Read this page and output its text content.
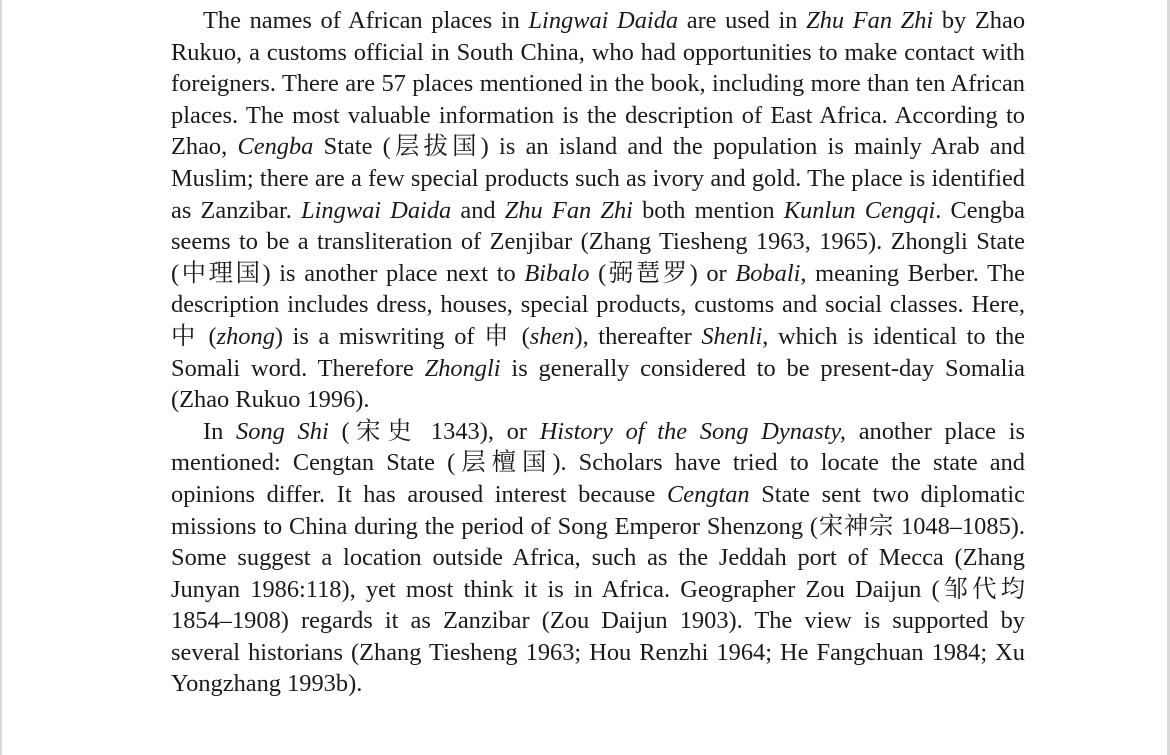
The names of African places in Lingwai Daida are used in Zhu Fan Zhi by Zhao Rukuo, a customs official in South China, who had opportunities to make contact with foreigners. There are 57 places mentioned in the book, including more than ten African places. The most valuable information is the description of East Africa. According to Zhao, Cengba State (层拔国) is an island and the population is mainly Arab and Muslim; there are a few special products such as ivory and gold. The place is identified as Zanzibar. Lingwai Daida and Zhu Fan Zhi both mention Kunlun Cengqi. Cengba seems to be a transliteration of Zenjibar (Zhang Tiesheng 1963, 1965). Zhongli State (中理国) is another place next to Bibalo (弼琶罗) or Bobali, meaning Berber. The description includes dress, houses, special products, customs and social classes. Here, 中 (zhong) is a miswriting of 申 (shen), thereafter Shenli, which is identical to the Somali word. Therefore Zhongli is generally considered to be present-day Somalia (Zhao Rukuo 1996).

In Song Shi (宋史 1343), or History of the Song Dynasty, another place is mentioned: Cengtan State (层檀国). Scholars have tried to locate the state and opinions differ. It has aroused interest because Cengtan State sent two diplomatic missions to China during the period of Song Emperor Shenzong (宋神宗 1048–1085). Some suggest a location outside Africa, such as the Jeddah port of Mecca (Zhang Junyan 1986:118), yet most think it is in Africa. Geographer Zou Daijun (邹代均 1854–1908) regards it as Zanzibar (Zou Daijun 1903). The view is supported by several historians (Zhang Tiesheng 1963; Hou Renzhi 1964; He Fangchuan 1984; Xu Yongzhang 1993b).
